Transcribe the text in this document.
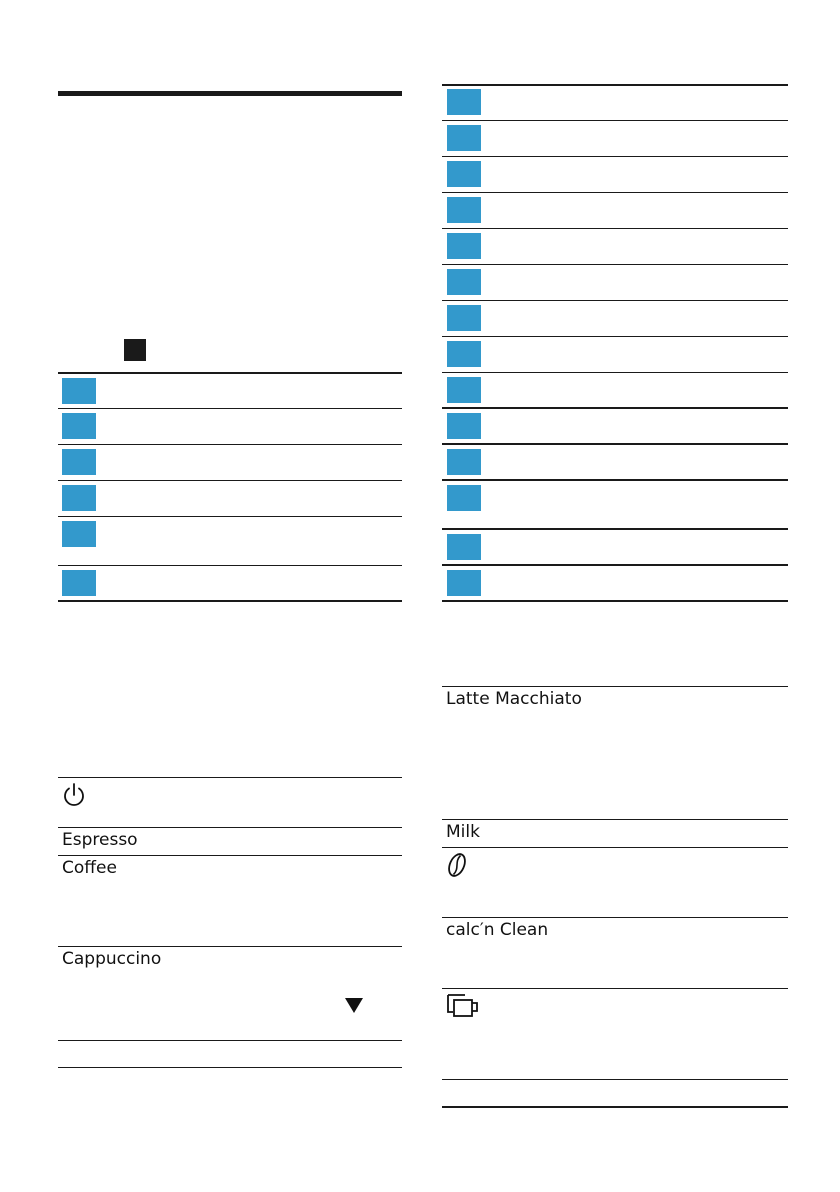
Espresso
Coffee
Cappuccino
Latte Macchiato
Milk
calc′n Clean
